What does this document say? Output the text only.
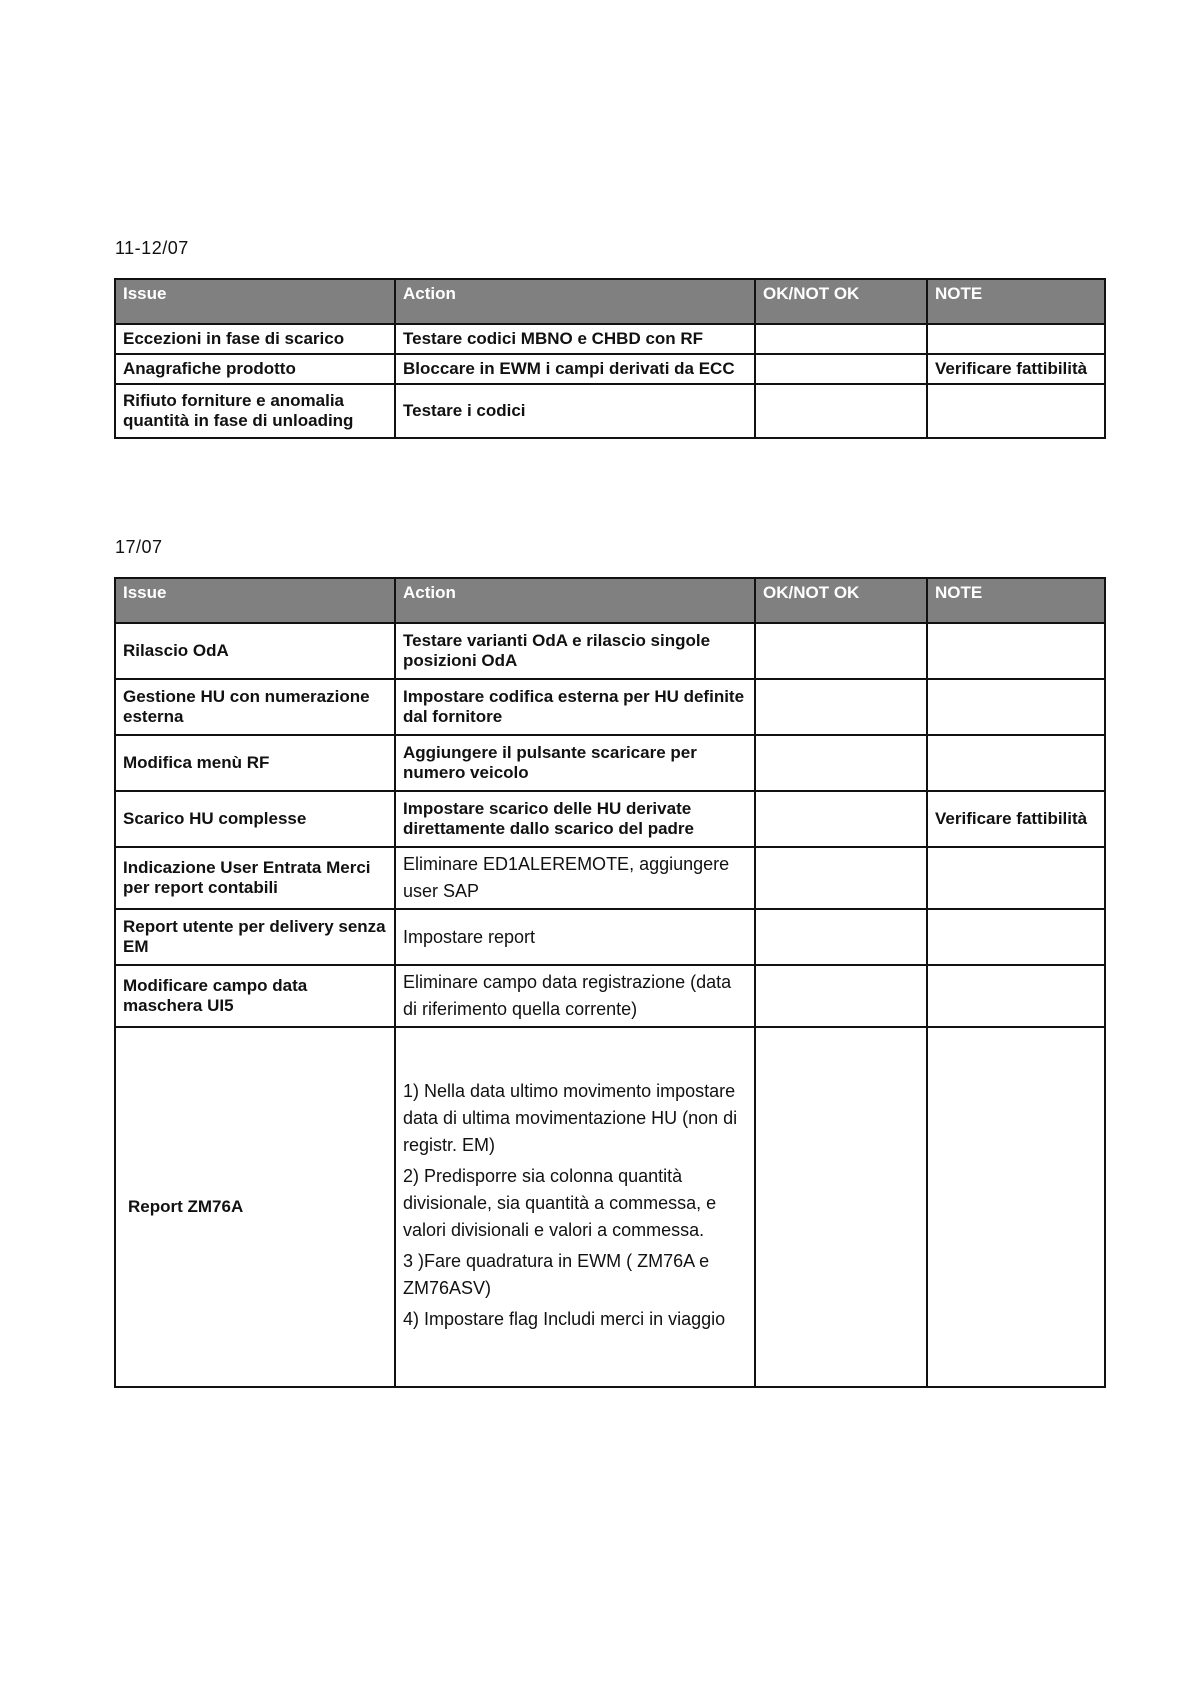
11-12/07
Issue	Action	OK/NOT OK	NOTE
Eccezioni in fase di scarico	Testare codici MBNO e CHBD con RF		
Anagrafiche prodotto	Bloccare in EWM i campi derivati da ECC		Verificare fattibilità
Rifiuto forniture e anomalia quantità in fase di unloading	Testare i codici		
17/07
Issue	Action	OK/NOT OK	NOTE
Rilascio OdA	Testare varianti OdA e rilascio singole posizioni OdA		
Gestione HU con numerazione esterna	Impostare codifica esterna per HU definite dal fornitore		
Modifica menù RF	Aggiungere il pulsante scaricare per numero veicolo		
Scarico HU complesse	Impostare scarico delle HU derivate direttamente dallo scarico del padre		Verificare fattibilità
Indicazione User Entrata Merci per report contabili	Eliminare ED1ALEREMOTE, aggiungere user SAP		
Report utente per delivery senza EM	Impostare report		
Modificare campo data maschera UI5	Eliminare campo data registrazione (data di riferimento quella corrente)		
Report ZM76A	1) Nella data ultimo movimento impostare data di ultima movimentazione HU (non di registr. EM)

2) Predisporre sia colonna quantità divisionale, sia quantità a commessa, e valori divisionali e valori a commessa.

3 )Fare quadratura in EWM ( ZM76A e ZM76ASV)

4) Impostare flag Includi merci in viaggio		
